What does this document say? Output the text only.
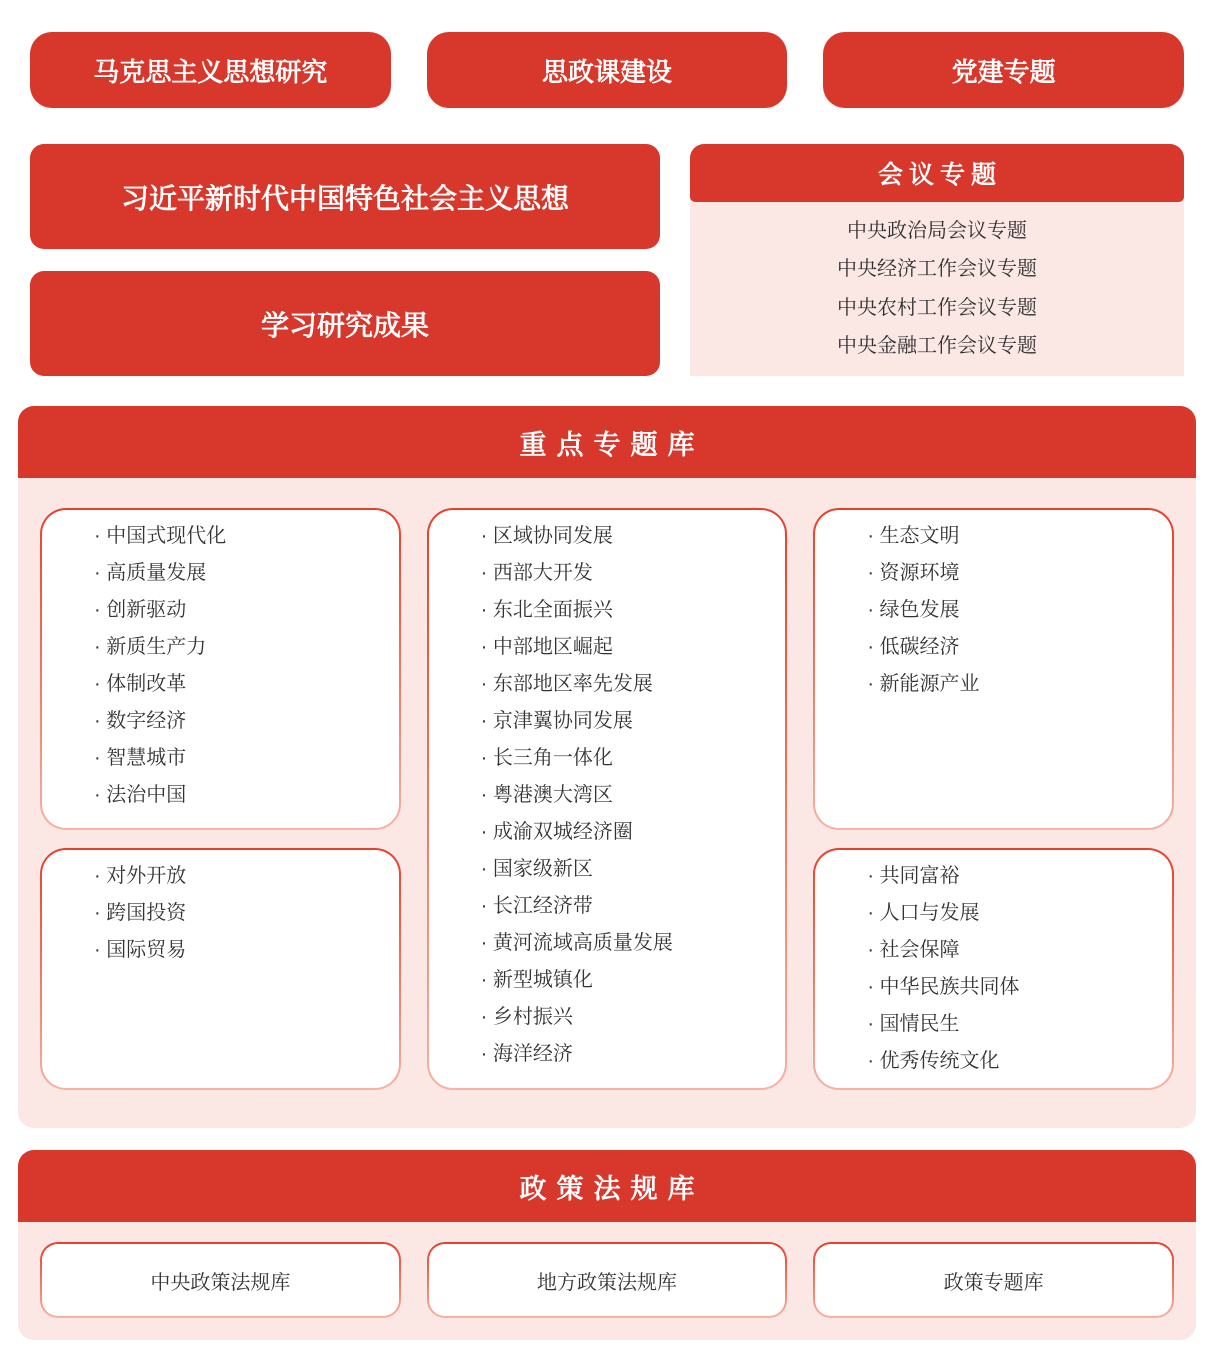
马克思主义思想研究	思政课建设	党建专题
习近平新时代中国特色社会主义思想
学习研究成果
会议专题
中央政治局会议专题
中央经济工作会议专题
中央农村工作会议专题
中央金融工作会议专题
重点专题库
· 中国式现代化
· 高质量发展
· 创新驱动
· 新质生产力
· 体制改革
· 数字经济
· 智慧城市
· 法治中国
· 对外开放
· 跨国投资
· 国际贸易
· 区域协同发展
· 西部大开发
· 东北全面振兴
· 中部地区崛起
· 东部地区率先发展
· 京津翼协同发展
· 长三角一体化
· 粤港澳大湾区
· 成渝双城经济圈
· 国家级新区
· 长江经济带
· 黄河流域高质量发展
· 新型城镇化
· 乡村振兴
· 海洋经济
· 生态文明
· 资源环境
· 绿色发展
· 低碳经济
· 新能源产业
· 共同富裕
· 人口与发展
· 社会保障
· 中华民族共同体
· 国情民生
· 优秀传统文化
政策法规库
中央政策法规库	地方政策法规库	政策专题库
